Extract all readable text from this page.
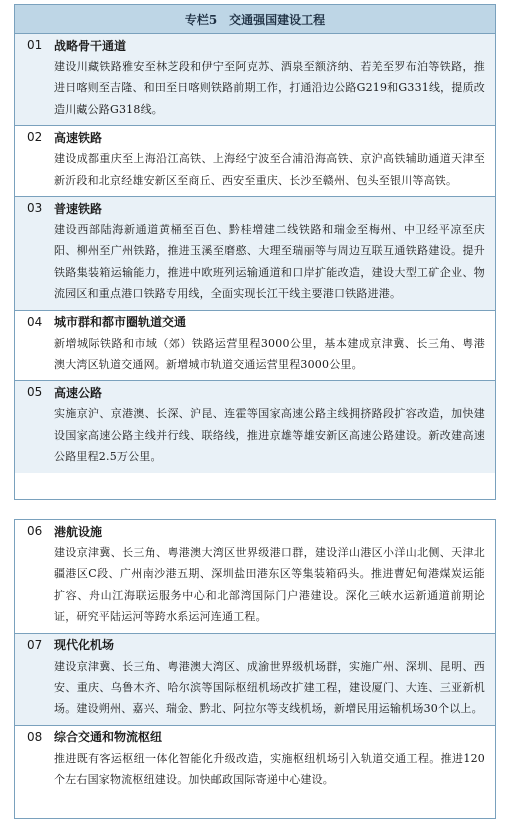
专栏5　交通强国建设工程
01 战略骨干通道
建设川藏铁路雅安至林芝段和伊宁至阿克苏、酒泉至额济纳、若羌至罗布泊等铁路，推进日喀则至吉隆、和田至日喀则铁路前期工作，打通沿边公路G219和G331线，提质改造川藏公路G318线。
02 高速铁路
建设成都重庆至上海沿江高铁、上海经宁波至合浦沿海高铁、京沪高铁辅助通道天津至新沂段和北京经雄安新区至商丘、西安至重庆、长沙至赣州、包头至银川等高铁。
03 普速铁路
建设西部陆海新通道黄桶至百色、黔桂增建二线铁路和瑞金至梅州、中卫经平凉至庆阳、柳州至广州铁路，推进玉溪至磨憨、大理至瑞丽等与周边互联互通铁路建设。提升铁路集装箱运输能力，推进中欧班列运输通道和口岸扩能改造，建设大型工矿企业、物流园区和重点港口铁路专用线，全面实现长江干线主要港口铁路进港。
04 城市群和都市圈轨道交通
新增城际铁路和市域（郊）铁路运营里程3000公里，基本建成京津冀、长三角、粤港澳大湾区轨道交通网。新增城市轨道交通运营里程3000公里。
05 高速公路
实施京沪、京港澳、长深、沪昆、连霍等国家高速公路主线拥挤路段扩容改造，加快建设国家高速公路主线并行线、联络线，推进京雄等雄安新区高速公路建设。新改建高速公路里程2.5万公里。
06 港航设施
建设京津冀、长三角、粤港澳大湾区世界级港口群，建设洋山港区小洋山北侧、天津北疆港区C段、广州南沙港五期、深圳盐田港东区等集装箱码头。推进曹妃甸港煤炭运能扩容、舟山江海联运服务中心和北部湾国际门户港建设。深化三峡水运新通道前期论证，研究平陆运河等跨水系运河连通工程。
07 现代化机场
建设京津冀、长三角、粤港澳大湾区、成渝世界级机场群，实施广州、深圳、昆明、西安、重庆、乌鲁木齐、哈尔滨等国际枢纽机场改扩建工程，建设厦门、大连、三亚新机场。建设朔州、嘉兴、瑞金、黔北、阿拉尔等支线机场，新增民用运输机场30个以上。
08 综合交通和物流枢纽
推进既有客运枢纽一体化智能化升级改造，实施枢纽机场引入轨道交通工程。推进120个左右国家物流枢纽建设。加快邮政国际寄递中心建设。
